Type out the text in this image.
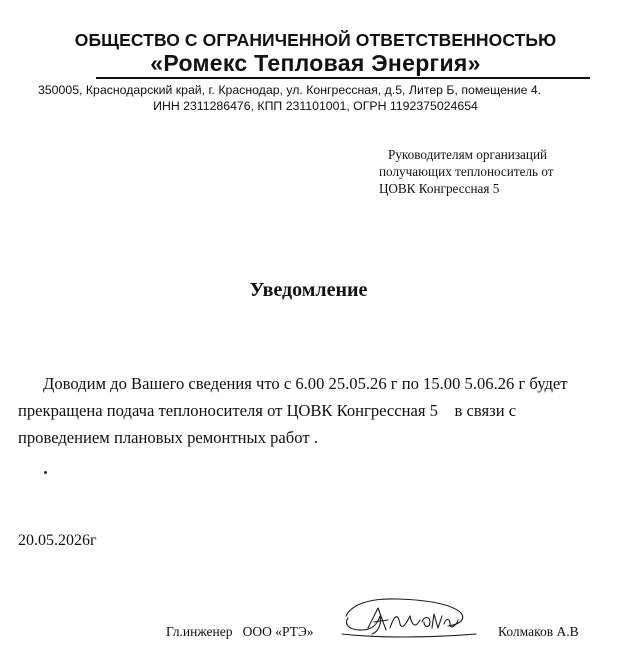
ОБЩЕСТВО С ОГРАНИЧЕННОЙ ОТВЕТСТВЕННОСТЬЮ
«Ромекс Тепловая Энергия»
350005, Краснодарский край, г. Краснодар, ул. Конгрессная, д.5, Литер Б, помещение 4.
ИНН 2311286476, КПП 231101001, ОГРН 1192375024654
Руководителям организаций
получающих теплоноситель от
ЦОВК Конгрессная 5
Уведомление
Доводим до Вашего сведения что с 6.00 25.05.26 г по 15.00 5.06.26 г будет
прекращена подача теплоносителя от ЦОВК Конгрессная 5    в связи с
проведением плановых ремонтных работ .
20.05.2026г
Гл.инженер   ООО «РТЭ»	Колмаков А.В
